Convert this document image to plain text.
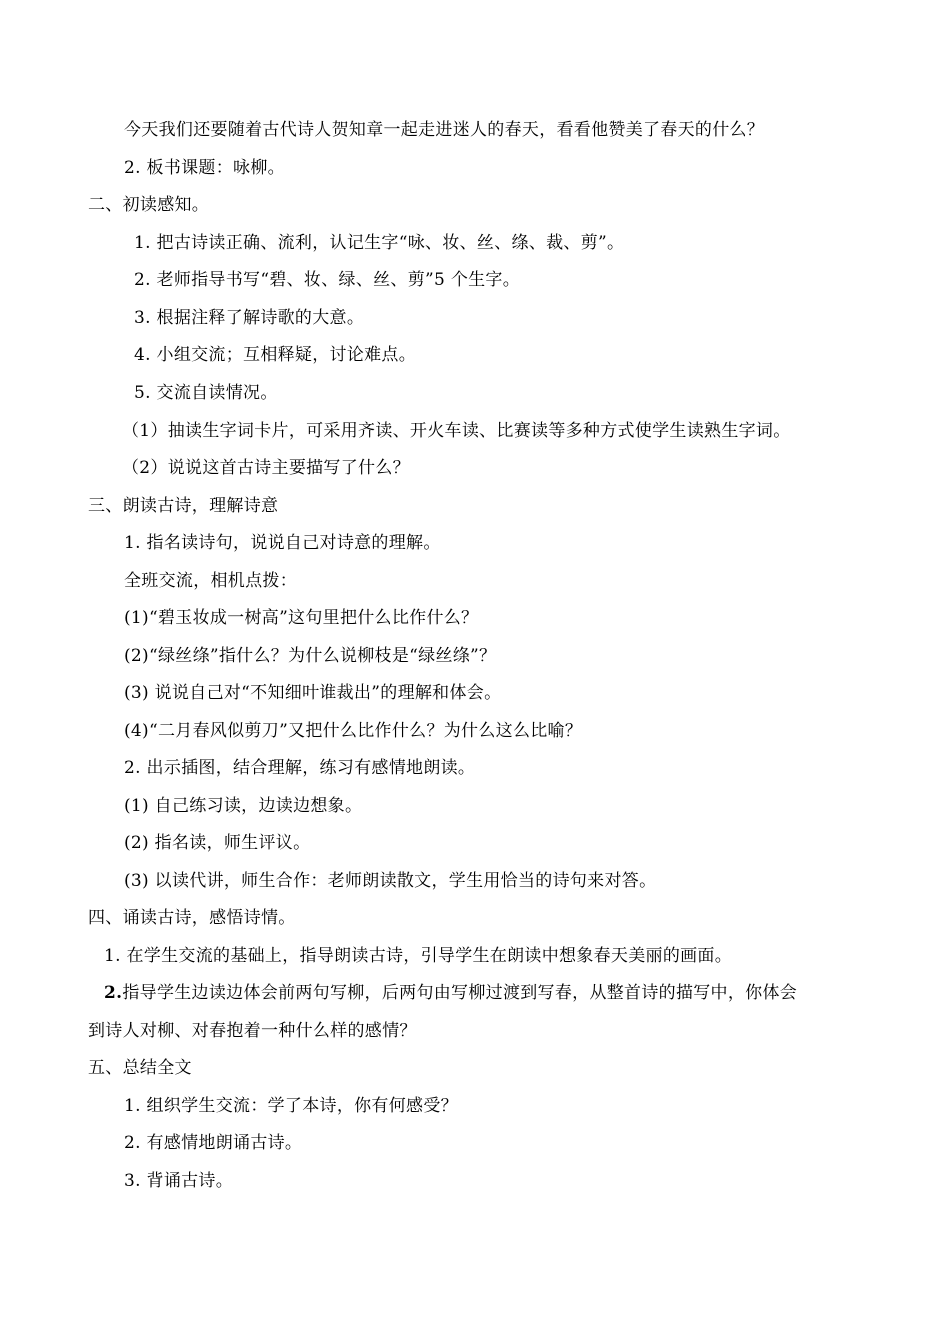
今天我们还要随着古代诗人贺知章一起走进迷人的春天，看看他赞美了春天的什么？
2. 板书课题：咏柳。
二、初读感知。
1. 把古诗读正确、流利，认记生字“咏、妆、丝、绦、裁、剪”。
2. 老师指导书写“碧、妆、绿、丝、剪”5 个生字。
3. 根据注释了解诗歌的大意。
4. 小组交流；互相释疑，讨论难点。
5. 交流自读情况。
（1）抽读生字词卡片，可采用齐读、开火车读、比赛读等多种方式使学生读熟生字词。
（2）说说这首古诗主要描写了什么？
三、朗读古诗，理解诗意
1. 指名读诗句，说说自己对诗意的理解。
全班交流，相机点拨：
(1)“碧玉妆成一树高”这句里把什么比作什么？
(2)“绿丝绦”指什么？为什么说柳枝是“绿丝绦”？
(3) 说说自己对“不知细叶谁裁出”的理解和体会。
(4)“二月春风似剪刀”又把什么比作什么？为什么这么比喻？
2. 出示插图，结合理解，练习有感情地朗读。
(1) 自己练习读，边读边想象。
(2) 指名读，师生评议。
(3) 以读代讲，师生合作：老师朗读散文，学生用恰当的诗句来对答。
四、诵读古诗，感悟诗情。
1. 在学生交流的基础上，指导朗读古诗，引导学生在朗读中想象春天美丽的画面。
2.指导学生边读边体会前两句写柳，后两句由写柳过渡到写春，从整首诗的描写中，你体会
到诗人对柳、对春抱着一种什么样的感情？
五、总结全文
1. 组织学生交流：学了本诗，你有何感受？
2. 有感情地朗诵古诗。
3. 背诵古诗。
